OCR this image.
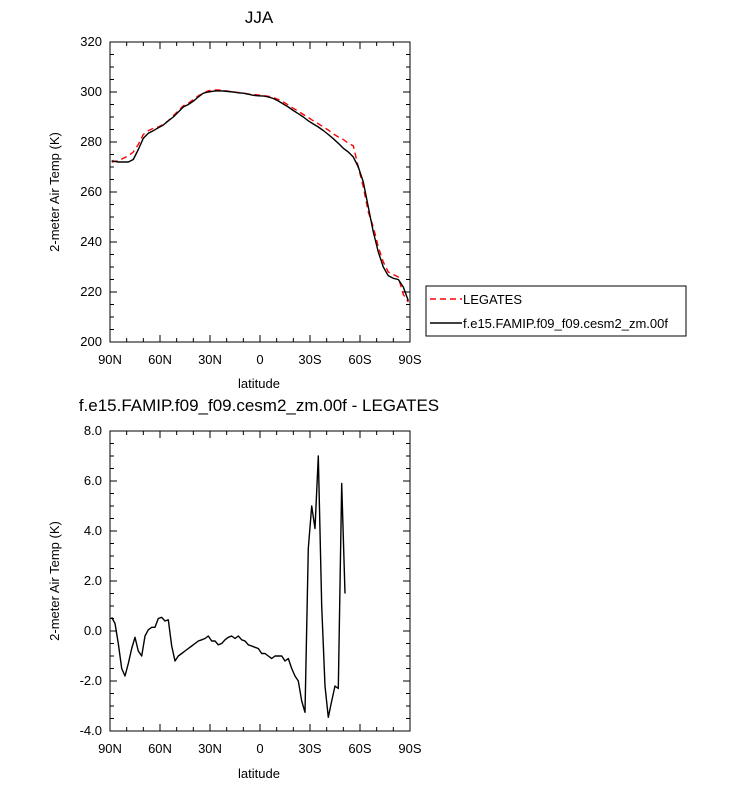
JJA
200
220
240
260
280
300
320
90N 60N 30N	0	30S 60S 90S
2-meter Air Temp (K)
latitude
LEGATES
f.e15.FAMIP.f09_f09.cesm2_zm.00f
f.e15.FAMIP.f09_f09.cesm2_zm.00f - LEGATES
-4.0
-2.0
0.0
2.0
4.0
6.0
8.0
90N 60N 30N	0	30S 60S 90S
2-meter Air Temp (K)
latitude
